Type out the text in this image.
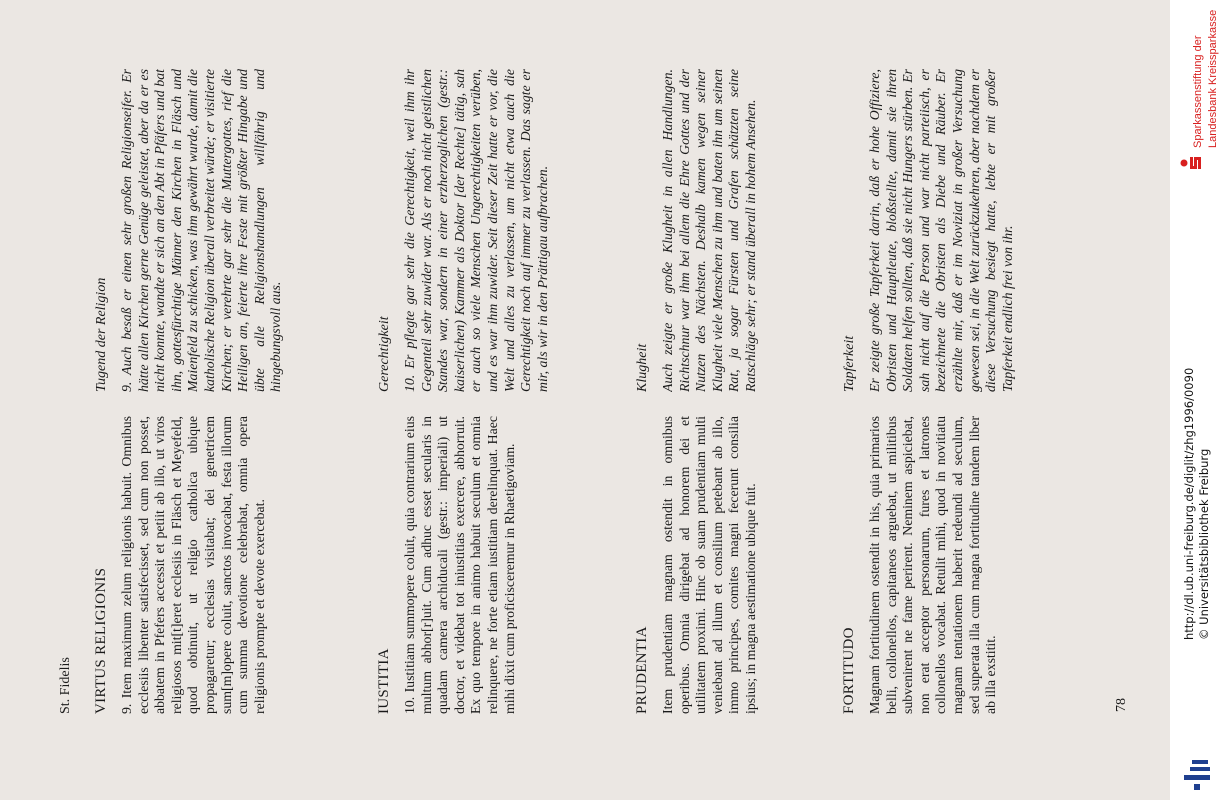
St. Fidelis VIRTUS RELIGIONIS 9. Item maximum zelum religionis habuit. Omnibus ecclesiis libenter satisfecisset, sed cum non posset, abbatem in Pfefers accessit et petiit ab illo, ut viros religiosos mit[t]eret ecclesiis in Fläsch et Meyefeld, quod obtinuit, ut religio catholica ubique propagaretur; ecclesias visitabat; dei genetricem sum[m]opere coluit, sanctos invocabat, festa illorum cum summa devotione celebrabat, omnia opera religionis prompte et devote exercebat.

Tugend der Religion 9. Auch besaß er einen sehr großen Religionseifer. Er hätte allen Kirchen gerne Genüge geleistet, aber da er es nicht konnte, wandte er sich an den Abt in Pfäfers und bat ihn, gottesfürchtige Männer den Kirchen in Fläsch und Maienfeld zu schicken, was ihm gewährt wurde, damit die katholische Religion überall verbreitet würde; er visitierte Kirchen; er verehrte gar sehr die Muttergottes, rief die Heiligen an, feierte ihre Feste mit größter Hingabe und übte alle Religionshandlungen willfährig und hingebungsvoll aus.

IUSTITIA 10. Iustitiam summopere coluit, quia contrarium eius multum abhor[r]uit. Cum adhuc esset secularis in quadam camera archiducali (gestr.: imperiali) ut doctor, et videbat tot iniustitias exercere, abhorruit. Ex quo tempore in animo habuit seculum et omnia relinquere, ne forte etiam iustitiam derelinquat. Haec mihi dixit cum proficisceremur in Rhaetigoviam.

Gerechtigkeit 10. Er pflegte gar sehr die Gerechtigkeit, weil ihm ihr Gegenteil sehr zuwider war. Als er noch nicht geistlichen Standes war, sondern in einer erzherzoglichen (gestr.: kaiserlichen) Kammer als Doktor [der Rechte] tätig, sah er auch so viele Menschen Ungerechtigkeiten verüben, und es war ihm zuwider. Seit dieser Zeit hatte er vor, die Welt und alles zu verlassen, um nicht etwa auch die Gerechtigkeit noch auf immer zu verlassen. Das sagte er mir, als wir in den Prättigau aufbrachen.

PRUDENTIA Item prudentiam magnam ostendit in omnibus operibus. Omnia dirigebat ad honorem dei et utilitatem proximi. Hinc ob suam prudentiam multi veniebant ad illum et consilium petebant ab illo, immo principes, comites magni fecerunt consilia ipsius; in magna aestimatione ubique fuit.

Klugheit Auch zeigte er große Klugheit in allen Handlungen. Richtschnur war ihm bei allem die Ehre Gottes und der Nutzen des Nächsten. Deshalb kamen wegen seiner Klugheit viele Menschen zu ihm und baten ihn um seinen Rat, ja sogar Fürsten und Grafen schätzten seine Ratschläge sehr; er stand überall in hohem Ansehen.

FORTITUDO Magnam fortitudinem ostendit in his, quia primarios belli, collonellos, capitaneos arguebat, ut militibus subvenirent ne fame perirent. Neminem aspiciebat, non erat acceptor personarum, fures et latrones collonellos vocabat. Retulit mihi, quod in novitiatu magnam tentationem haberit redeundi ad seculum, sed superata illa cum magna fortitudine tandem liber ab illa exstitit.

Tapferkeit Er zeigte große Tapferkeit darin, daß er hohe Offiziere, Obristen und Hauptleute, bloßstellte, damit sie ihren Soldaten helfen sollten, daß sie nicht Hungers stürben. Er sah nicht auf die Person und war nicht parteiisch, er bezeichnete die Obristen als Diebe und Räuber. Er erzählte mir, daß er im Noviziat in großer Versuchung gewesen sei, in die Welt zurückzukehren, aber nachdem er diese Versuchung besiegt hatte, lebte er mit großer Tapferkeit endlich frei von ihr.

78
http://dl.ub.uni-freiburg.de/diglit/zhg1996/0090 © Universitätsbibliothek Freiburg
Sparkassenstiftung der Landesbank Kreissparkasse
